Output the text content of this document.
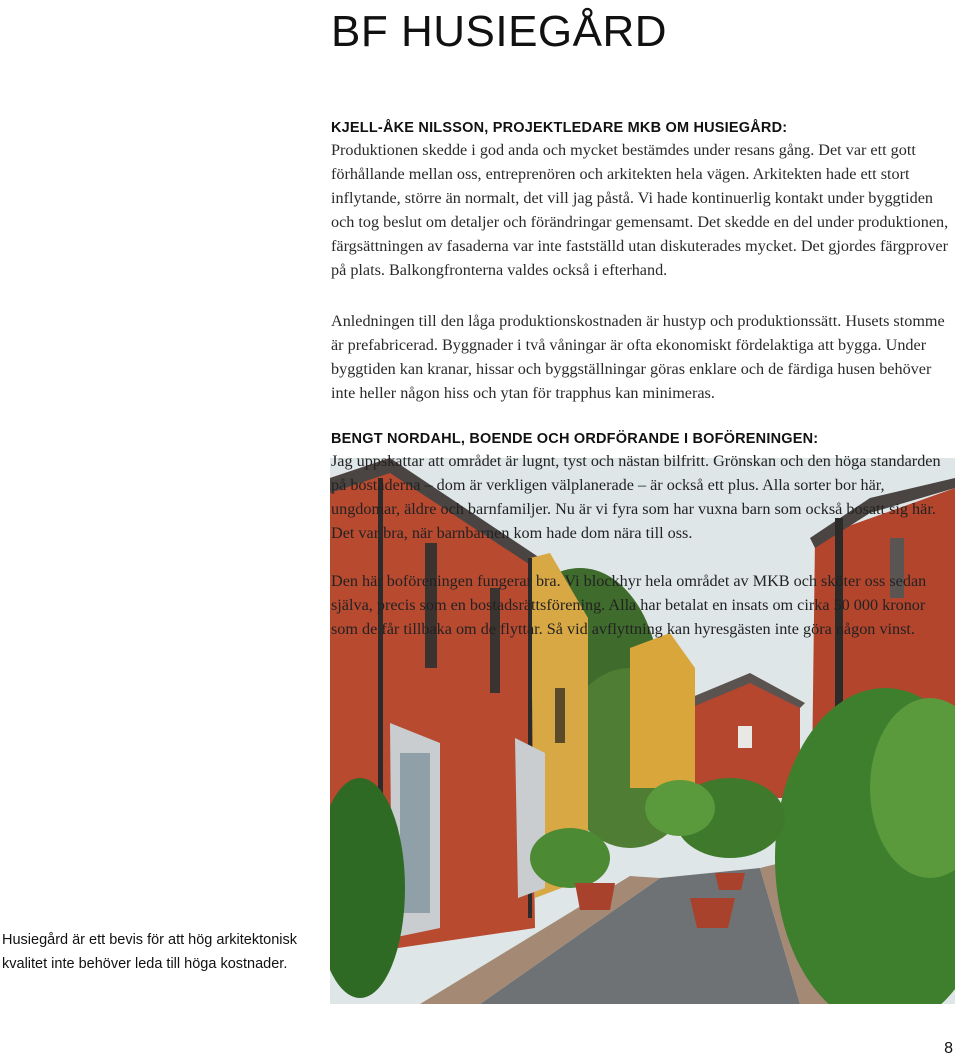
BF HUSIEGÅRD
KJELL-ÅKE NILSSON, PROJEKTLEDARE MKB OM HUSIEGÅRD:

Produktionen skedde i god anda och mycket bestämdes under resans gång. Det var ett gott förhållande mellan oss, entreprenören och arkitekten hela vägen. Arkitekten hade ett stort inflytande, större än normalt, det vill jag påstå. Vi hade kontinuerlig kontakt under byggtiden och tog beslut om detaljer och förändringar gemensamt. Det skedde en del under produktionen, färgsättningen av fasaderna var inte fastställd utan diskuterades mycket. Det gjordes färgprover på plats. Balkongfronterna valdes också i efterhand.

Anledningen till den låga produktionskostnaden är hustyp och produktionssätt. Husets stomme är prefabricerad. Byggnader i två våningar är ofta ekonomiskt fördelaktiga att bygga. Under byggtiden kan kranar, hissar och byggställningar göras enklare och de färdiga husen behöver inte heller någon hiss och ytan för trapphus kan minimeras.

BENGT NORDAHL, BOENDE OCH ORDFÖRANDE I BOFÖRENINGEN:

Jag uppskattar att området är lugnt, tyst och nästan bilfritt. Grönskan och den höga standarden på bostäderna – dom är verkligen välplanerade – är också ett plus. Alla sorter bor här, ungdomar, äldre och barnfamiljer. Nu är vi fyra som har vuxna barn som också bosatt sig här. Det var bra, när barnbarnen kom hade dom nära till oss.

Den här boföreningen fungerar bra. Vi blockhyr hela området av MKB och sköter oss sedan själva, precis som en bostadsrättsförening. Alla har betalat en insats om cirka 50 000 kronor som de får tillbaka om de flyttar. Så vid avflyttning kan hyresgästen inte göra någon vinst.

Husiegård är ett bevis för att hög arkitektonisk kvalitet inte behöver leda till höga kostnader.

8
